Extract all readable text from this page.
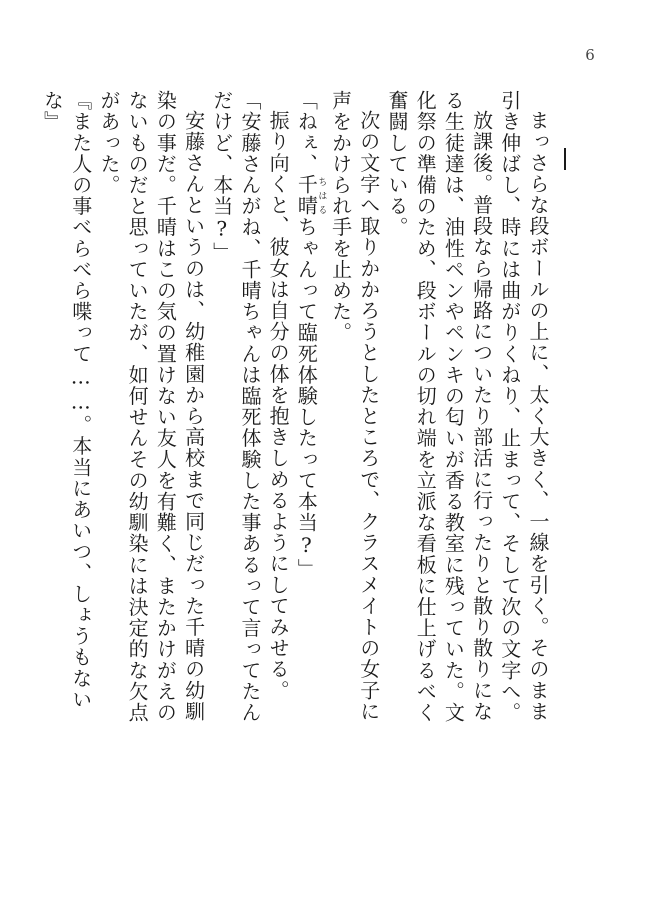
6

まっさらな段ボールの上に、太く大きく、一線を引く。そのまま引き伸ばし、時には曲がりくねり、止まって、そして次の文字へ。

放課後。普段なら帰路についたり部活に行ったりと散り散りになる生徒達は、油性ペンやペンキの匂いが香る教室に残っていた。文化祭の準備のため、段ボールの切れ端を立派な看板に仕上げるべく奮闘している。

次の文字へ取りかかろうとしたところで、クラスメイトの女子に声をかけられ手を止めた。

「ねぇ、千晴ちはるちゃんって臨死体験したって本当?」

振り向くと、彼女は自分の体を抱きしめるようにしてみせる。

「安藤さんがね、千晴ちゃんは臨死体験した事あるって言ってたんだけど、本当?」

安藤さんというのは、幼稚園から高校まで同じだった千晴の幼馴染の事だ。千晴はこの気の置けない友人を有難く、またかけがえのないものだと思っていたが、如何せんその幼馴染には決定的な欠点があった。

『また人の事べらべら喋って……。本当にあいつ、しょうもないな』
